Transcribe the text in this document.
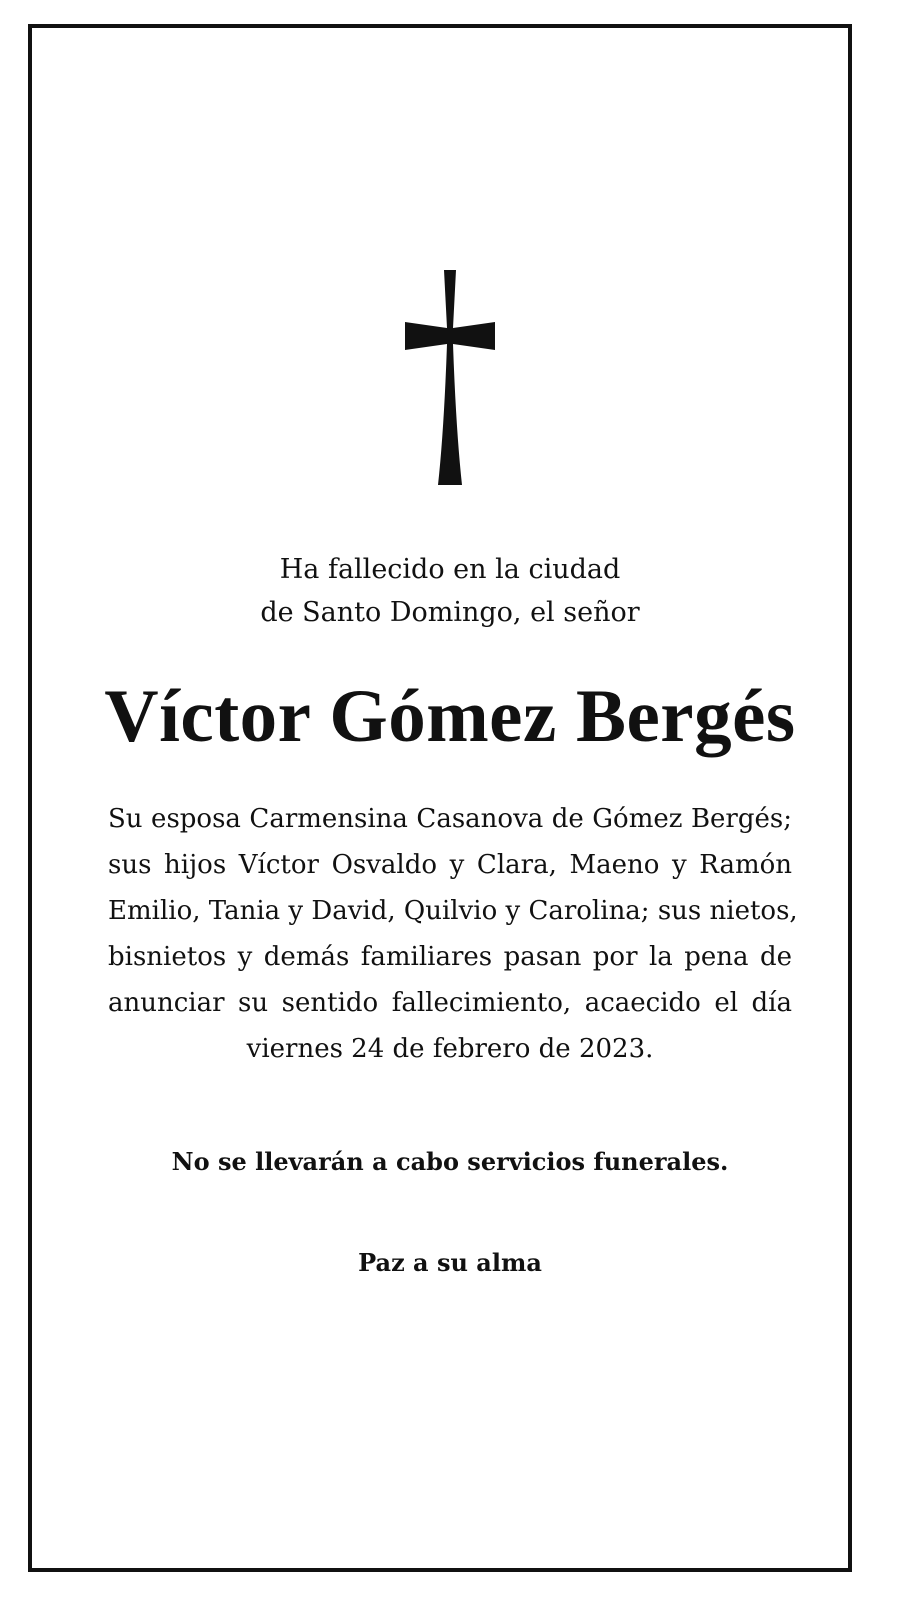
Ha fallecido en la ciudad
de Santo Domingo, el señor
Víctor Gómez Bergés
Su esposa Carmensina Casanova de Gómez Bergés;
sus hijos Víctor Osvaldo y Clara, Maeno y Ramón
Emilio, Tania y David, Quilvio y Carolina; sus nietos,
bisnietos y demás familiares pasan por la pena de
anunciar su sentido fallecimiento, acaecido el día
viernes 24 de febrero de 2023.
No se llevarán a cabo servicios funerales.
Paz a su alma
